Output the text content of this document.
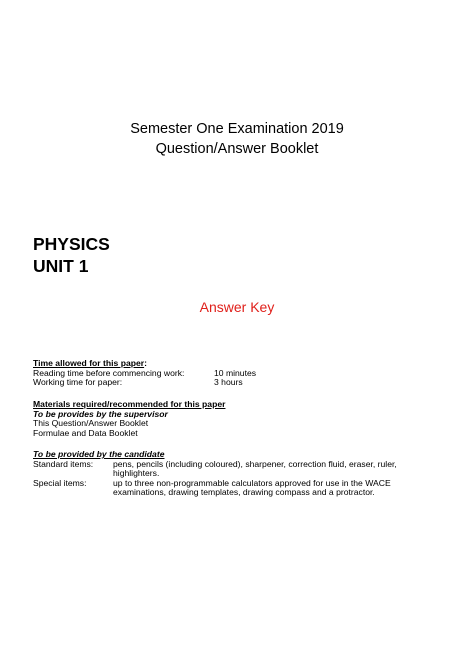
Semester One Examination 2019
Question/Answer Booklet
PHYSICS
UNIT 1
Answer Key
Time allowed for this paper:
Reading time before commencing work:	10 minutes
Working time for paper:	3 hours
Materials required/recommended for this paper
To be provides by the supervisor
This Question/Answer Booklet
Formulae and Data Booklet
To be provided by the candidate
Standard items: pens, pencils (including coloured), sharpener, correction fluid, eraser, ruler, highlighters.
Special items:	up to three non-programmable calculators approved for use in the WACE examinations, drawing templates, drawing compass and a protractor.
